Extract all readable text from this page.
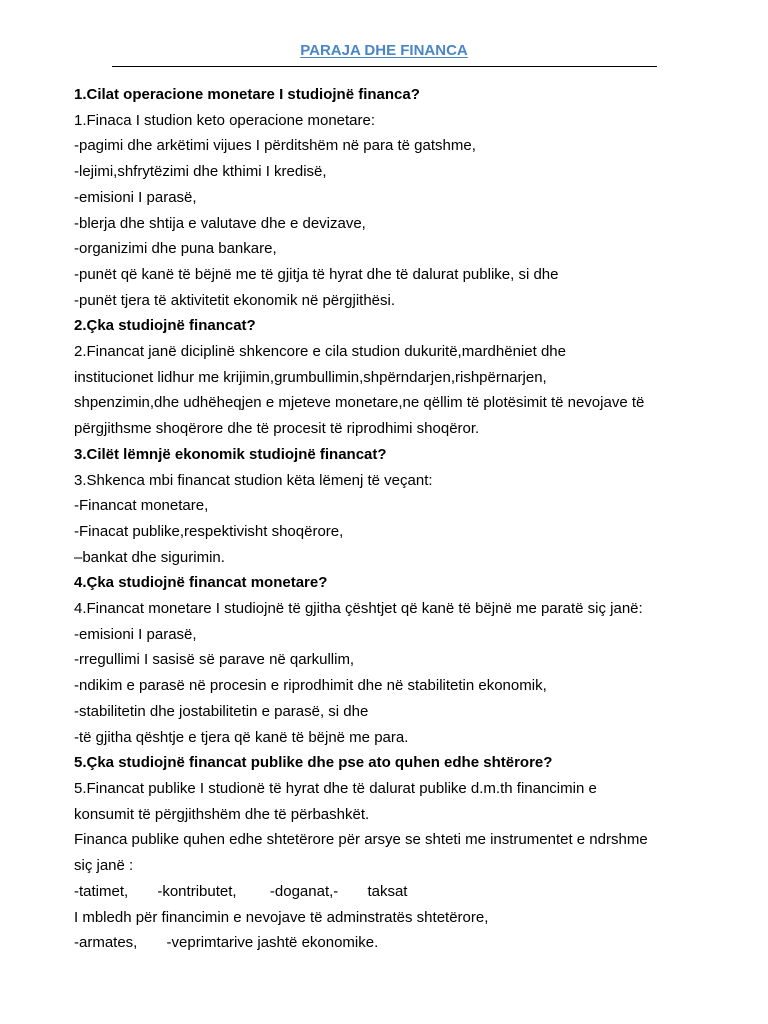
PARAJA DHE FINANCA
1.Cilat operacione monetare I studiojnë financa?
1.Finaca I studion keto operacione monetare:
-pagimi dhe arkëtimi vijues I përditshëm në para të gatshme,
-lejimi,shfrytëzimi dhe kthimi I kredisë,
-emisioni I parasë,
-blerja dhe shtija e valutave dhe e devizave,
-organizimi dhe puna bankare,
-punët që kanë të bëjnë me të gjitja të hyrat dhe të dalurat publike, si dhe
-punët tjera të aktivitetit ekonomik në përgjithësi.
2.Çka studiojnë financat?
2.Financat janë diciplinë shkencore e cila studion dukuritë,mardhëniet dhe
institucionet lidhur me krijimin,grumbullimin,shpërndarjen,rishpërnarjen,
shpenzimin,dhe udhëheqjen e mjeteve monetare,ne qëllim të plotësimit të nevojave të
përgjithsme shoqërore dhe të procesit të riprodhimi shoqëror.
3.Cilët lëmnjë ekonomik studiojnë financat?
3.Shkenca mbi financat studion këta lëmenj të veçant:
-Financat monetare,
-Finacat publike,respektivisht shoqërore,
–bankat dhe sigurimin.
4.Çka studiojnë financat monetare?
4.Financat monetare I studiojnë të gjitha çështjet që kanë të bëjnë me paratë siç janë:
-emisioni I parasë,
-rregullimi I sasisë së parave në qarkullim,
-ndikim e parasë në procesin e riprodhimit dhe në stabilitetin ekonomik,
-stabilitetin dhe jostabilitetin e parasë, si dhe
-të gjitha qështje e tjera që kanë të bëjnë me para.
5.Çka studiojnë financat publike dhe pse ato quhen edhe shtërore?
5.Financat publike I studionë të hyrat dhe të dalurat publike d.m.th financimin e
konsumit të përgjithshëm dhe të përbashkët.
Financa publike quhen edhe shtetërore për arsye se shteti me instrumentet e ndrshme
siç janë :
-tatimet,       -kontributet,        -doganat,-       taksat
I mbledh për financimin e nevojave të adminstratës shtetërore,
-armates,       -veprimtarive jashtë ekonomike.
